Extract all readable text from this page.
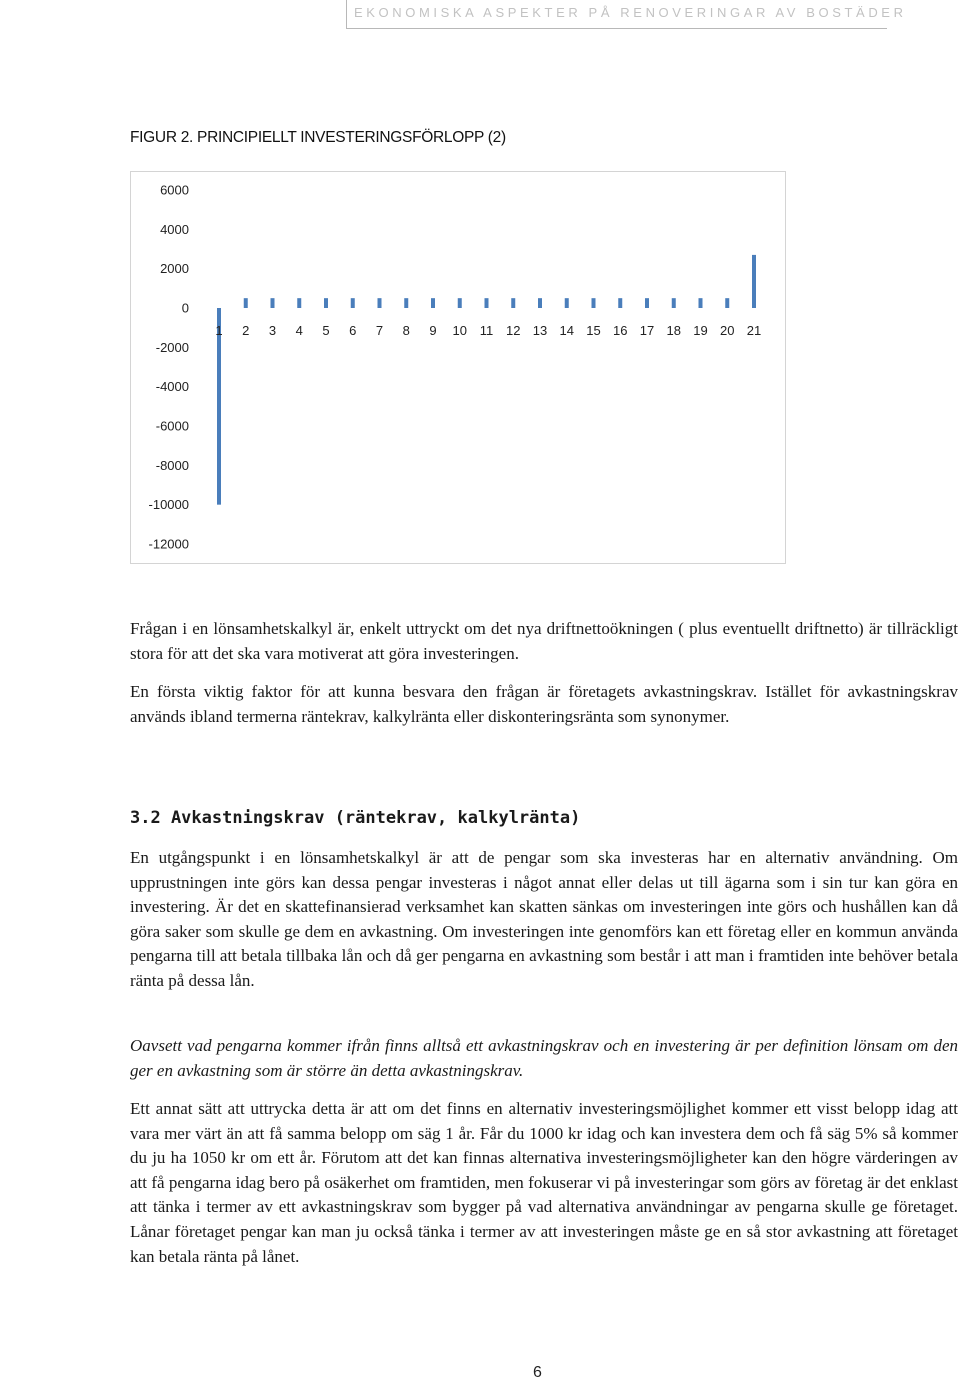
EKONOMISKA ASPEKTER PÅ RENOVERINGAR AV BOSTÄDER
FIGUR 2. PRINCIPIELLT INVESTERINGSFÖRLOPP (2)
6000
4000
2000
0
-2000
-4000
-6000
-8000
-10000
-12000
1 2 3 4 5 6 7 8 9 10 11 12 13 14 15 16 17 18 19 20 21

Frågan i en lönsamhetskalkyl är, enkelt uttryckt om det nya driftnettoökningen ( plus eventuellt driftnetto) är tillräckligt stora för att det ska vara motiverat att göra investeringen.

En första viktig faktor för att kunna besvara den frågan är företagets avkastningskrav. Istället för avkastningskrav används ibland termerna räntekrav, kalkylränta eller diskonteringsränta som synonymer.

3.2 Avkastningskrav (räntekrav, kalkylränta)

En utgångspunkt i en lönsamhetskalkyl är att de pengar som ska investeras har en alternativ användning. Om upprustningen inte görs kan dessa pengar investeras i något annat eller delas ut till ägarna som i sin tur kan göra en investering. Är det en skattefinansierad verksamhet kan skatten sänkas om investeringen inte görs och hushållen kan då göra saker som skulle ge dem en avkastning. Om investeringen inte genomförs kan ett företag eller en kommun använda pengarna till att betala tillbaka lån och då ger pengarna en avkastning som består i att man i framtiden inte behöver betala ränta på dessa lån.

Oavsett vad pengarna kommer ifrån finns alltså ett avkastningskrav och en investering är per definition lönsam om den ger en avkastning som är större än detta avkastningskrav.

Ett annat sätt att uttrycka detta är att om det finns en alternativ investeringsmöjlighet kommer ett visst belopp idag att vara mer värt än att få samma belopp om säg 1 år. Får du 1000 kr idag och kan investera dem och få säg 5% så kommer du ju ha 1050 kr om ett år. Förutom att det kan finnas alternativa investeringsmöjligheter kan den högre värderingen av att få pengarna idag bero på osäkerhet om framtiden, men fokuserar vi på investeringar som görs av företag är det enklast att tänka i termer av ett avkastningskrav som bygger på vad alternativa användningar av pengarna skulle ge företaget. Lånar företaget pengar kan man ju också tänka i termer av att investeringen måste ge en så stor avkastning att företaget kan betala ränta på lånet.

6
